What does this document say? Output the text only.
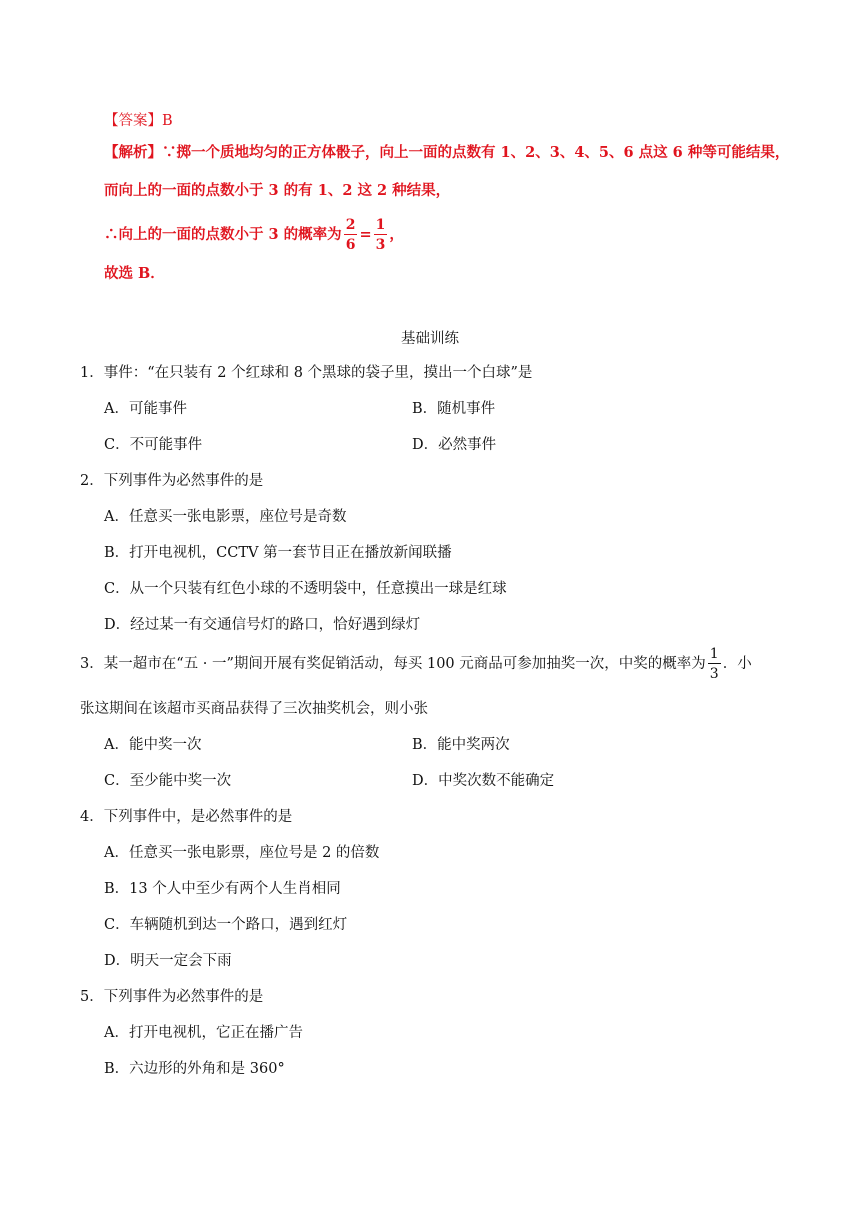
【答案】B
【解析】∵掷一个质地均匀的正方体骰子，向上一面的点数有 1、2、3、4、5、6 点这 6 种等可能结果，
而向上的一面的点数小于 3 的有 1、2 这 2 种结果，
∴向上的一面的点数小于 3 的概率为 $\frac{2}{6} = \frac{1}{3}$ ，
故选 B．
基础训练
1．事件：“在只装有 2 个红球和 8 个黑球的袋子里，摸出一个白球”是
A．可能事件	B．随机事件
C．不可能事件	D．必然事件
2．下列事件为必然事件的是
A．任意买一张电影票，座位号是奇数
B．打开电视机，CCTV 第一套节目正在播放新闻联播
C．从一个只装有红色小球的不透明袋中，任意摸出一球是红球
D．经过某一有交通信号灯的路口，恰好遇到绿灯
3．某一超市在“五 · 一”期间开展有奖促销活动，每买 100 元商品可参加抽奖一次，中奖的概率为 $\frac{1}{3}$ ．小
张这期间在该超市买商品获得了三次抽奖机会，则小张
A．能中奖一次	B．能中奖两次
C．至少能中奖一次	D．中奖次数不能确定
4．下列事件中，是必然事件的是
A．任意买一张电影票，座位号是 2 的倍数
B．13 个人中至少有两个人生肖相同
C．车辆随机到达一个路口，遇到红灯
D．明天一定会下雨
5．下列事件为必然事件的是
A．打开电视机，它正在播广告
B．六边形的外角和是 360°
